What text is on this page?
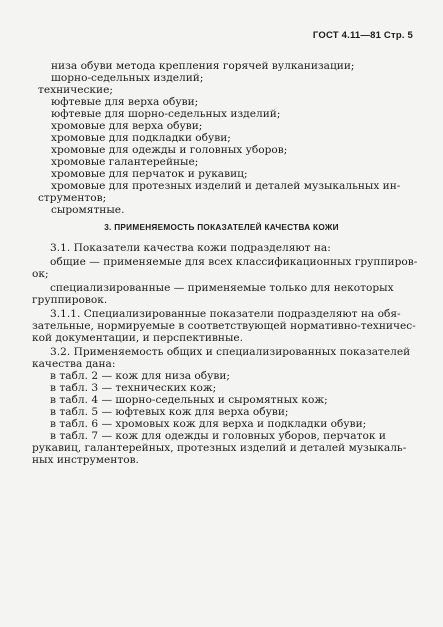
ГОСТ 4.11—81 Стр. 5
низа обуви метода крепления горячей вулканизации;
шорно-седельных изделий;
технические;
юфтевые для верха обуви;
юфтевые для шорно-седельных изделий;
хромовые для верха обуви;
хромовые для подкладки обуви;
хромовые для одежды и головных уборов;
хромовые галантерейные;
хромовые для перчаток и рукавиц;
хромовые для протезных изделий и деталей музыкальных ин-
струментов;
сыромятные.
3. ПРИМЕНЯЕМОСТЬ ПОКАЗАТЕЛЕЙ КАЧЕСТВА КОЖИ
3.1. Показатели качества кожи подразделяют на:
общие — применяемые для всех классификационных группиров-
ок;
специализированные — применяемые только для некоторых
группировок.
3.1.1. Специализированные показатели подразделяют на обя-
зательные, нормируемые в соответствующей нормативно-техничес-
кой документации, и перспективные.
3.2. Применяемость общих и специализированных показателей
качества дана:
в табл. 2 — кож для низа обуви;
в табл. 3 — технических кож;
в табл. 4 — шорно-седельных и сыромятных кож;
в табл. 5 — юфтевых кож для верха обуви;
в табл. 6 — хромовых кож для верха и подкладки обуви;
в табл. 7 — кож для одежды и головных уборов, перчаток и
рукавиц, галантерейных, протезных изделий и деталей музыкаль-
ных инструментов.
